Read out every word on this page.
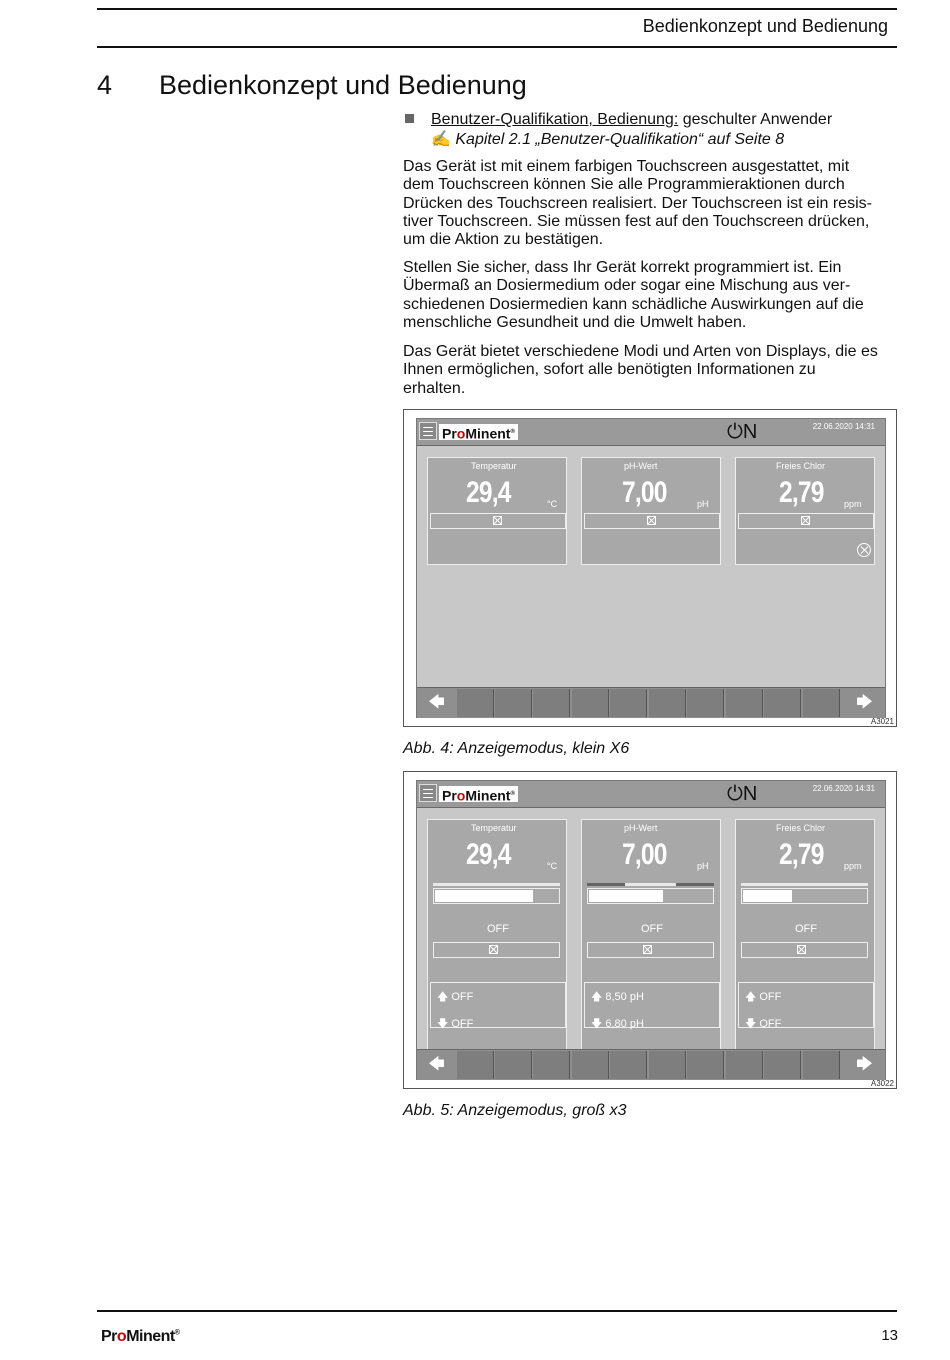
Bedienkonzept und Bedienung
4 Bedienkonzept und Bedienung
Benutzer-Qualifikation, Bedienung: geschulter Anwender
✍ Kapitel 2.1 „Benutzer-Qualifikation“ auf Seite 8

Das Gerät ist mit einem farbigen Touchscreen ausgestattet, mit
dem Touchscreen können Sie alle Programmieraktionen durch
Drücken des Touchscreen realisiert. Der Touchscreen ist ein resis-
tiver Touchscreen. Sie müssen fest auf den Touchscreen drücken,
um die Aktion zu bestätigen.

Stellen Sie sicher, dass Ihr Gerät korrekt programmiert ist. Ein
Übermaß an Dosiermedium oder sogar eine Mischung aus ver-
schiedenen Dosiermedien kann schädliche Auswirkungen auf die
menschliche Gesundheit und die Umwelt haben.

Das Gerät bietet verschiedene Modi und Arten von Displays, die es
Ihnen ermöglichen, sofort alle benötigten Informationen zu
erhalten.

ProMinent®	⏻N	22.06.2020 14:31
Temperatur
29,4	°C
pH-Wert
7,00	pH
Freies Chlor
2,79 ppm
🡄	🡆
A3021
Abb. 4: Anzeigemodus, klein X6
ProMinent®	⏻N	22.06.2020 14:31
Temperatur
29,4	°C
OFF
🡅 OFF
🡇 OFF
pH-Wert
7,00	pH
OFF
🡅 8,50 pH
🡇 6,80 pH
Freies Chlor
2,79 ppm
OFF
🡅 OFF
🡇 OFF
🡄	🡆
A3022
Abb. 5: Anzeigemodus, groß x3
ProMinent®	13
